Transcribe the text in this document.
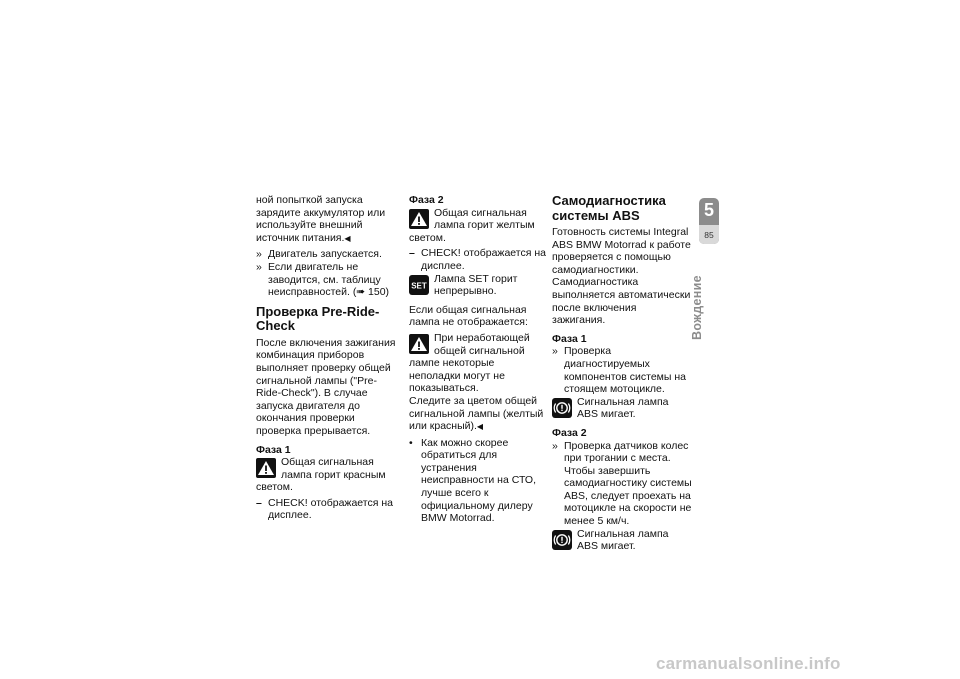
ной попыткой запуска зарядите аккумулятор или используйте внешний источник питания.◀

» Двигатель запускается.
» Если двигатель не заводится, см. таблицу неисправностей. (➠ 150)
Проверка Pre-Ride-Check

После включения зажигания комбинация приборов выполняет проверку общей сигнальной лампы ("Pre-Ride-Check"). В случае запуска двигателя до окончания проверки проверка прерывается.

Фаза 1

Общая сигнальная лампа горит красным светом.

– CHECK! отображается на дисплее.
Фаза 2

Общая сигнальная лампа горит желтым светом.

– CHECK! отображается на дисплее.
SET

Лампа SET горит непрерывно.

Если общая сигнальная лампа не отображается:

При неработающей общей сигнальной лампе некоторые неполадки могут не показываться.

Следите за цветом общей сигнальной лампы (желтый или красный).◀

• Как можно скорее обратиться для устранения неисправности на СТО, лучше всего к официальному дилеру BMW Motorrad.
Самодиагностика системы ABS

Готовность системы Integral ABS BMW Motorrad к работе проверяется с помощью самодиагностики. Самодиагностика выполняется автоматически после включения зажигания.

Фаза 1
» Проверка диагностируемых компонентов системы на стоящем мотоцикле.

Сигнальная лампа ABS мигает.

Фаза 2
» Проверка датчиков колес при трогании с места. Чтобы завершить самодиагностику системы ABS, следует проехать на мотоцикле на скорости не менее 5 км/ч.

Сигнальная лампа ABS мигает.

5
85
Вождение
carmanualsonline.info
